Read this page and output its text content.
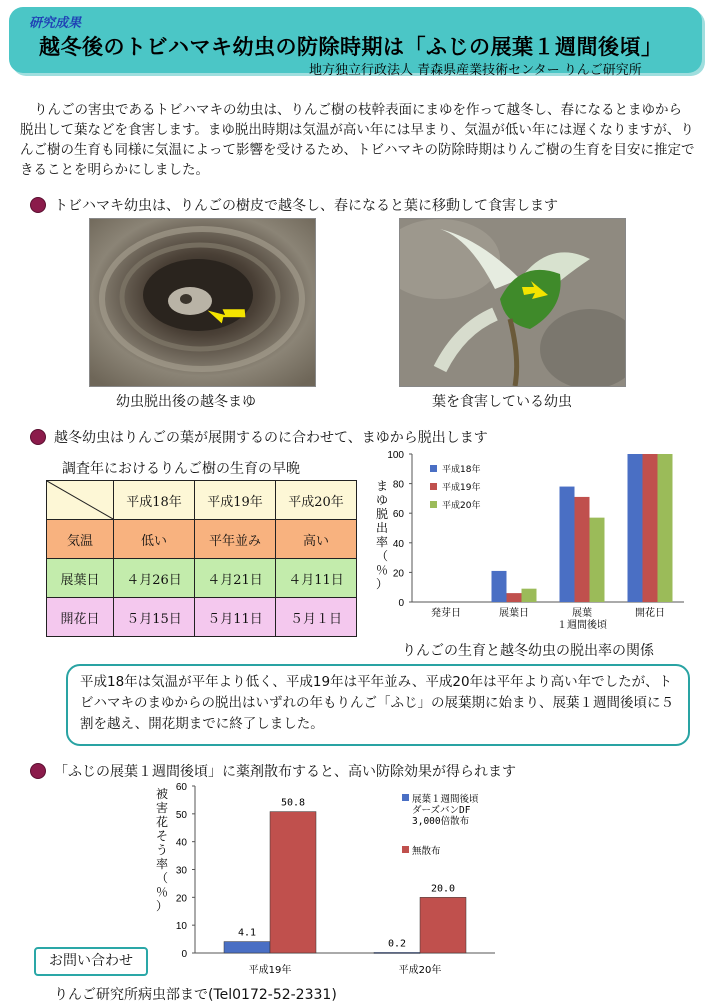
研究成果
越冬後のトビハマキ幼虫の防除時期は「ふじの展葉１週間後頃」
地方独立行政法人 青森県産業技術センター りんご研究所
りんごの害虫であるトビハマキの幼虫は、りんご樹の枝幹表面にまゆを作って越冬し、春になるとまゆから脱出して葉などを食害します。まゆ脱出時期は気温が高い年には早まり、気温が低い年には遅くなりますが、りんご樹の生育も同様に気温によって影響を受けるため、トビハマキの防除時期はりんご樹の生育を目安に推定できることを明らかにしました。
トビハマキ幼虫は、りんごの樹皮で越冬し、春になると葉に移動して食害します
幼虫脱出後の越冬まゆ	葉を食害している幼虫
越冬幼虫はりんごの葉が展開するのに合わせて、まゆから脱出します
調査年におけるりんご樹の生育の早晩
	平成18年	平成19年	平成20年
気温	低い	平年並み	高い
展葉日	４月26日	４月21日	４月11日
開花日	５月15日	５月11日	５月１日
0
20
40
60
80
100
まゆ脱出率（％）
発芽日	展葉日	展葉
１週間後頃
開花日
平成18年
平成19年
平成20年
りんごの生育と越冬幼虫の脱出率の関係
平成18年は気温が平年より低く、平成19年は平年並み、平成20年は平年より高い年でしたが、トビハマキのまゆからの脱出はいずれの年もりんご「ふじ」の展葉期に始まり、展葉１週間後頃に５割を越え、開花期までに終了しました。
「ふじの展葉１週間後頃」に薬剤散布すると、高い防除効果が得られます
0
10
20
30
40
50
60
被害花そう率（％）
4.1
50.8
平成19年
0.2
20.0
平成20年
展葉１週間後頃
ダーズバンDF
3,000倍散布
無散布
お問い合わせ
りんご研究所病虫部まで(Tel0172-52-2331)
